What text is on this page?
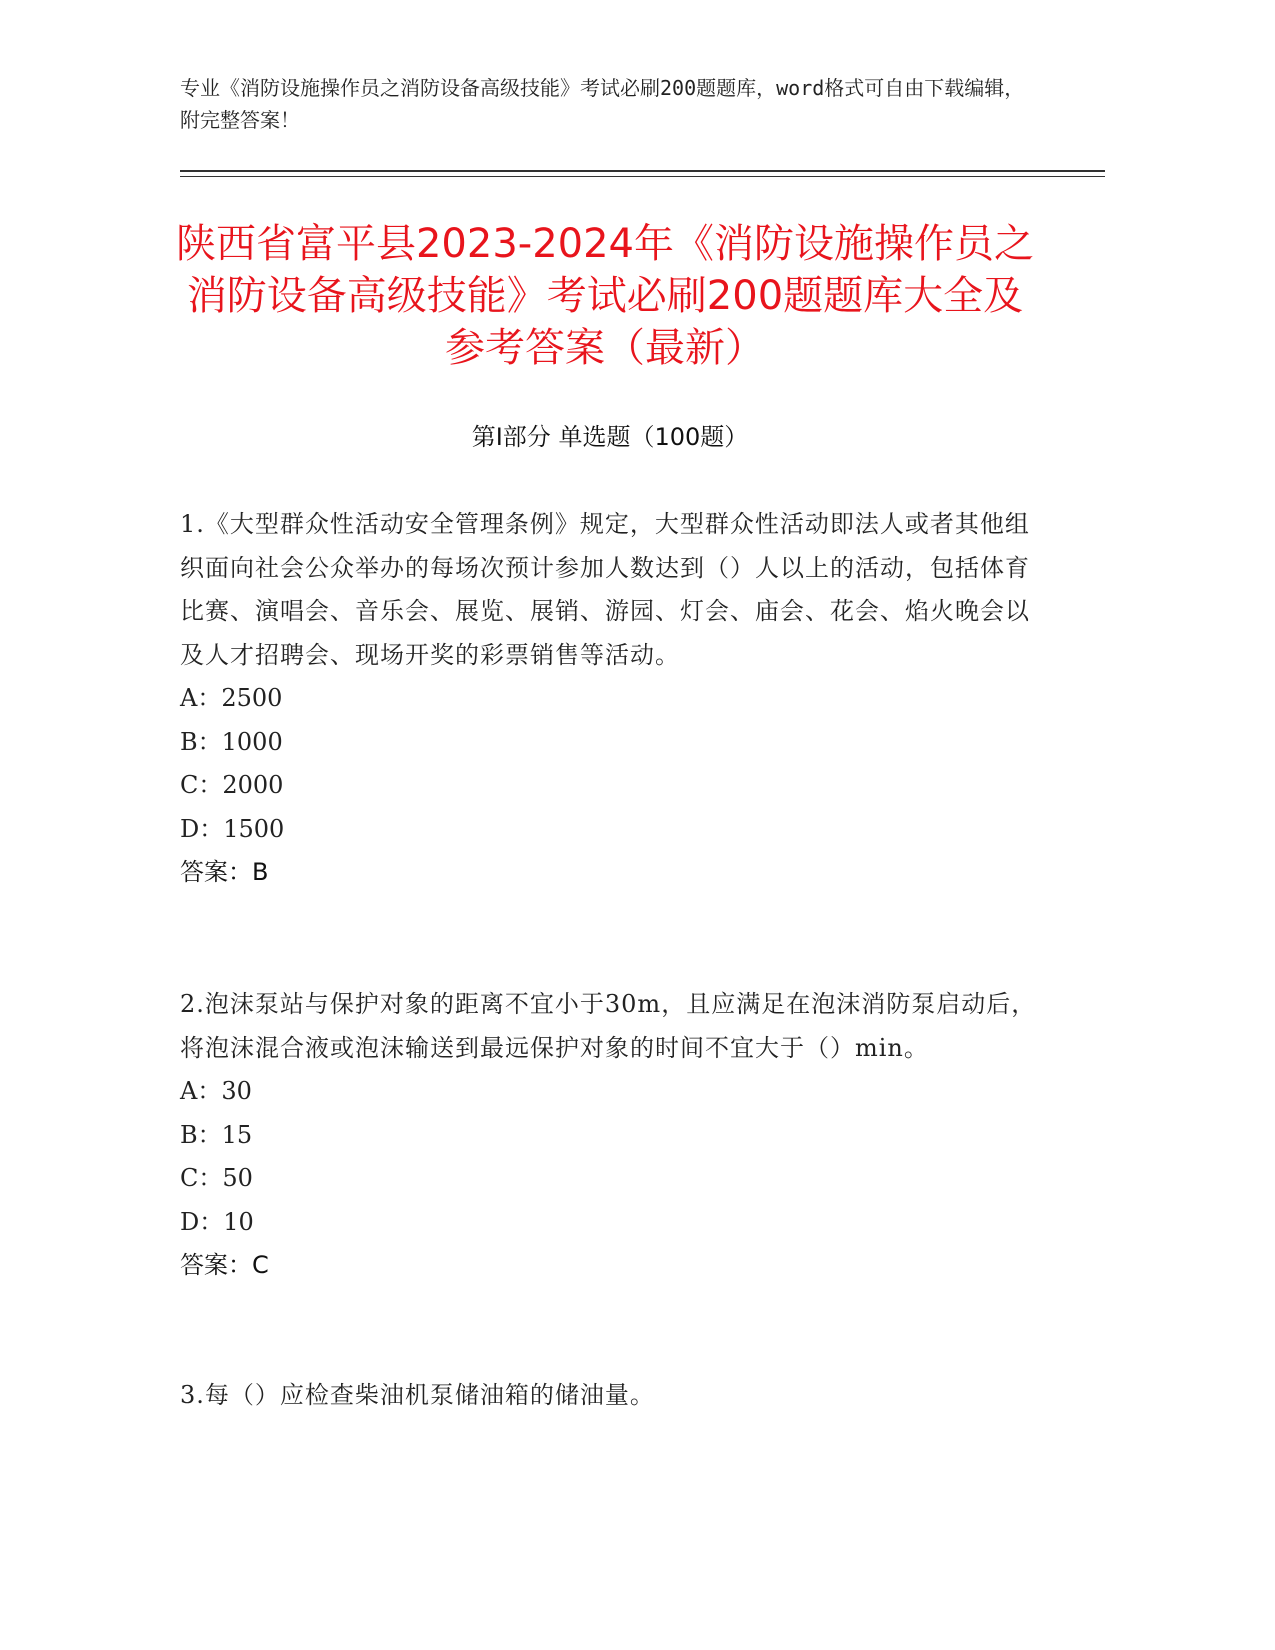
专业《消防设施操作员之消防设备高级技能》考试必刷200题题库，word格式可自由下载编辑，附完整答案！

陕西省富平县2023-2024年《消防设施操作员之消防设备高级技能》考试必刷200题题库大全及参考答案（最新）
第I部分 单选题（100题）

1.《大型群众性活动安全管理条例》规定，大型群众性活动即法人或者其他组织面向社会公众举办的每场次预计参加人数达到（）人以上的活动，包括体育比赛、演唱会、音乐会、展览、展销、游园、灯会、庙会、花会、焰火晚会以及人才招聘会、现场开奖的彩票销售等活动。

A：2500

B：1000

C：2000

D：1500

答案：B

2.泡沫泵站与保护对象的距离不宜小于30m，且应满足在泡沫消防泵启动后，将泡沫混合液或泡沫输送到最远保护对象的时间不宜大于（）min。

A：30

B：15

C：50

D：10

答案：C

3.每（）应检查柴油机泵储油箱的储油量。
